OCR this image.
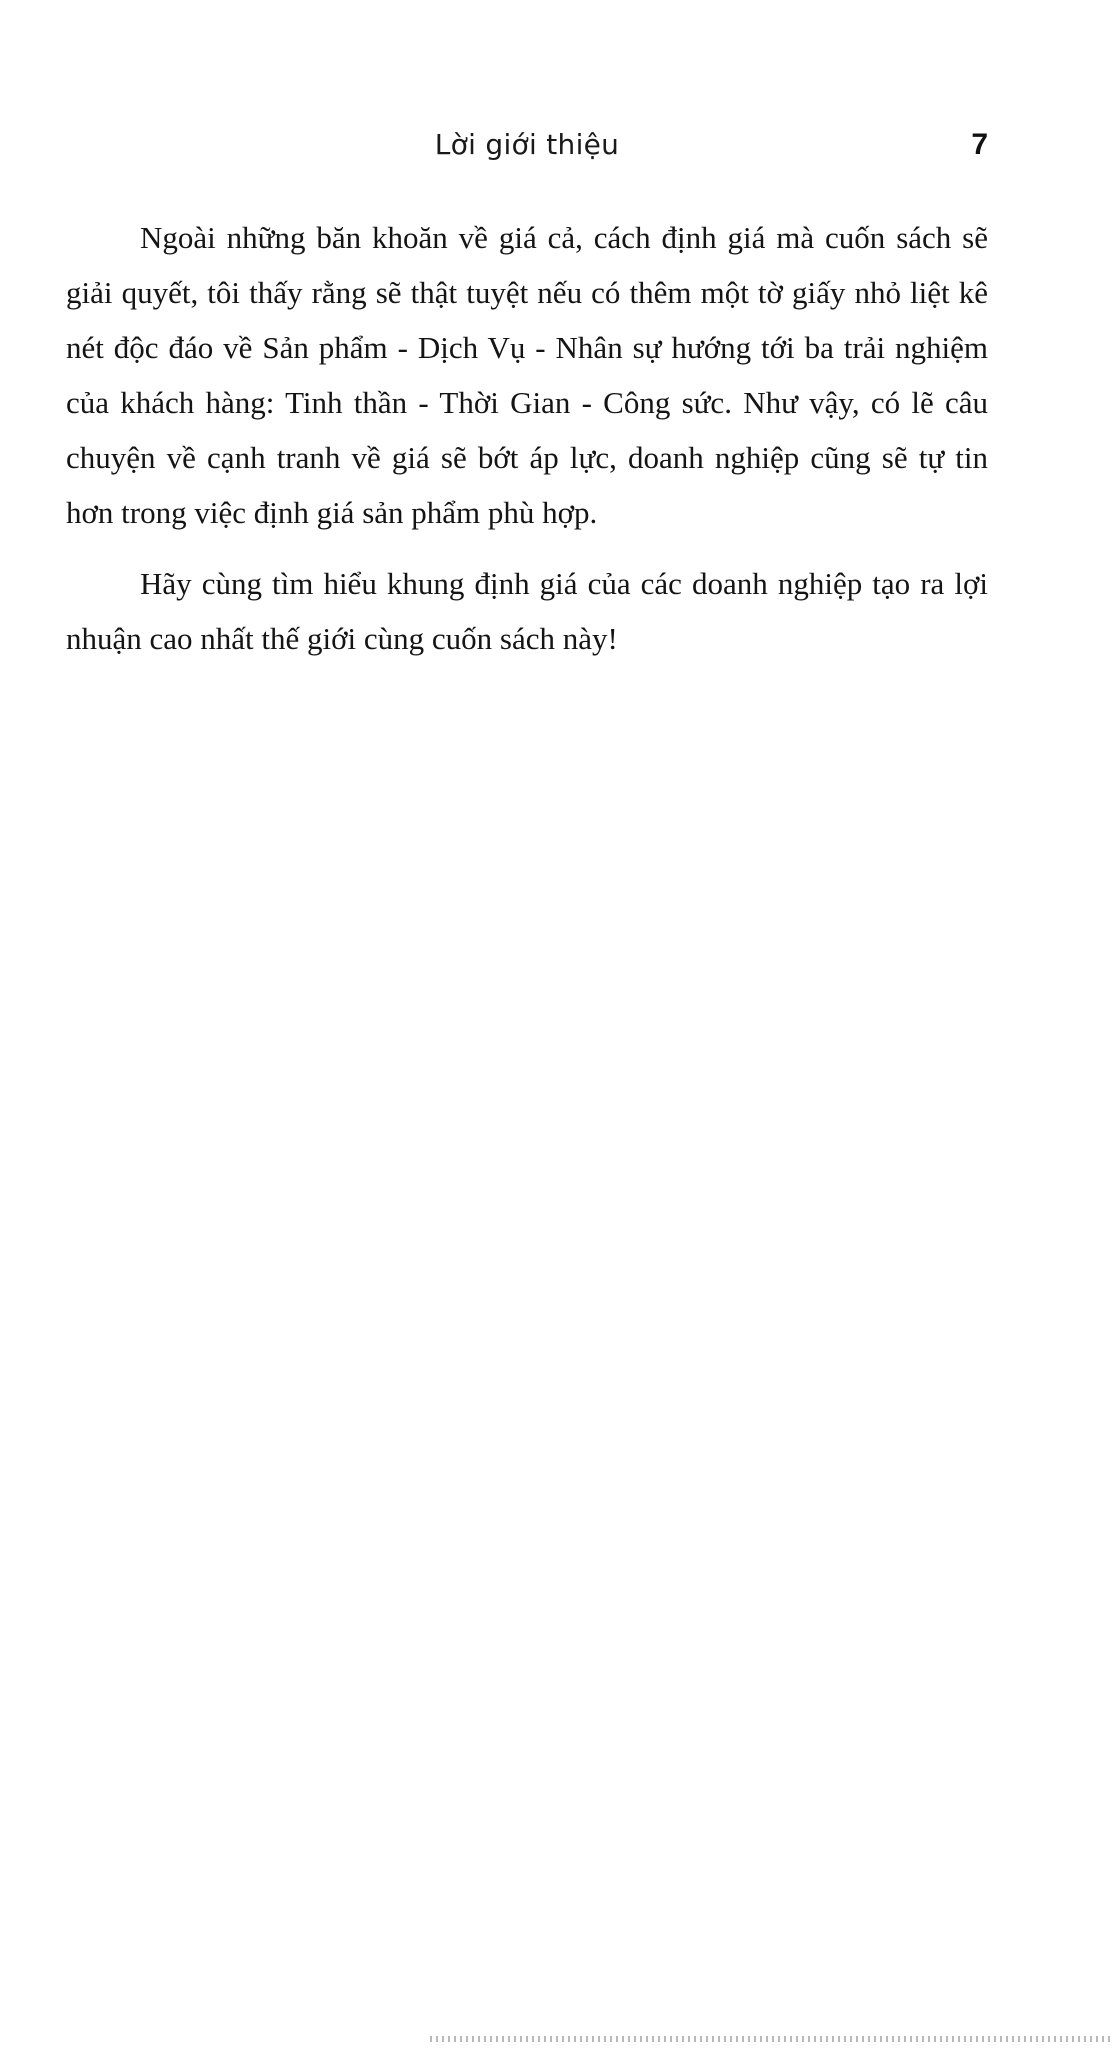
Lời giới thiệu	7

Ngoài những băn khoăn về giá cả, cách định giá mà cuốn sách sẽ giải quyết, tôi thấy rằng sẽ thật tuyệt nếu có thêm một tờ giấy nhỏ liệt kê nét độc đáo về Sản phẩm - Dịch Vụ - Nhân sự hướng tới ba trải nghiệm của khách hàng: Tinh thần - Thời Gian - Công sức. Như vậy, có lẽ câu chuyện về cạnh tranh về giá sẽ bớt áp lực, doanh nghiệp cũng sẽ tự tin hơn trong việc định giá sản phẩm phù hợp.

Hãy cùng tìm hiểu khung định giá của các doanh nghiệp tạo ra lợi nhuận cao nhất thế giới cùng cuốn sách này!
